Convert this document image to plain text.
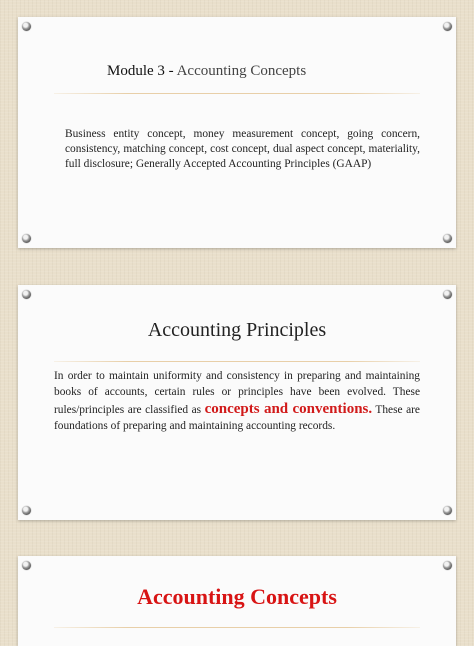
Module 3 - Accounting Concepts
Business entity concept, money measurement concept, going concern, consistency, matching concept, cost concept, dual aspect concept, materiality, full disclosure; Generally Accepted Accounting Principles (GAAP)
Accounting Principles
In order to maintain uniformity and consistency in preparing and maintaining books of accounts, certain rules or principles have been evolved. These rules/principles are classified as concepts and conventions. These are foundations of preparing and maintaining accounting records.
Accounting Concepts
